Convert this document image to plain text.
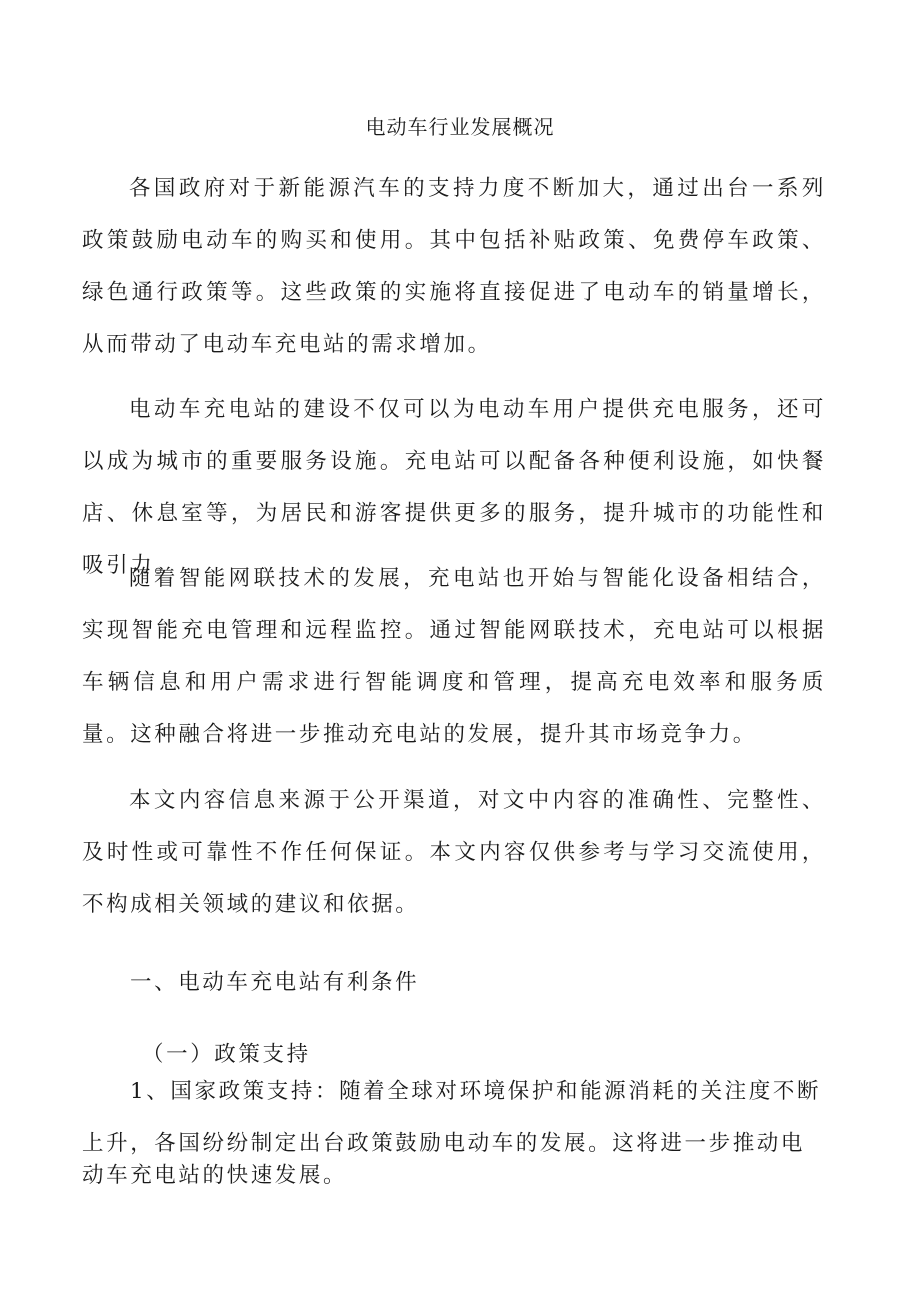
电动车行业发展概况

各国政府对于新能源汽车的支持力度不断加大，通过出台一系列政策鼓励电动车的购买和使用。其中包括补贴政策、免费停车政策、绿色通行政策等。这些政策的实施将直接促进了电动车的销量增长，从而带动了电动车充电站的需求增加。

电动车充电站的建设不仅可以为电动车用户提供充电服务，还可以成为城市的重要服务设施。充电站可以配备各种便利设施，如快餐店、休息室等，为居民和游客提供更多的服务，提升城市的功能性和吸引力。

随着智能网联技术的发展，充电站也开始与智能化设备相结合，实现智能充电管理和远程监控。通过智能网联技术，充电站可以根据车辆信息和用户需求进行智能调度和管理，提高充电效率和服务质量。这种融合将进一步推动充电站的发展，提升其市场竞争力。

本文内容信息来源于公开渠道，对文中内容的准确性、完整性、及时性或可靠性不作任何保证。本文内容仅供参考与学习交流使用，不构成相关领域的建议和依据。

一、电动车充电站有利条件

（一）政策支持

1、国家政策支持：随着全球对环境保护和能源消耗的关注度不断

上升，各国纷纷制定出台政策鼓励电动车的发展。这将进一步推动电动车充电站的快速发展。
